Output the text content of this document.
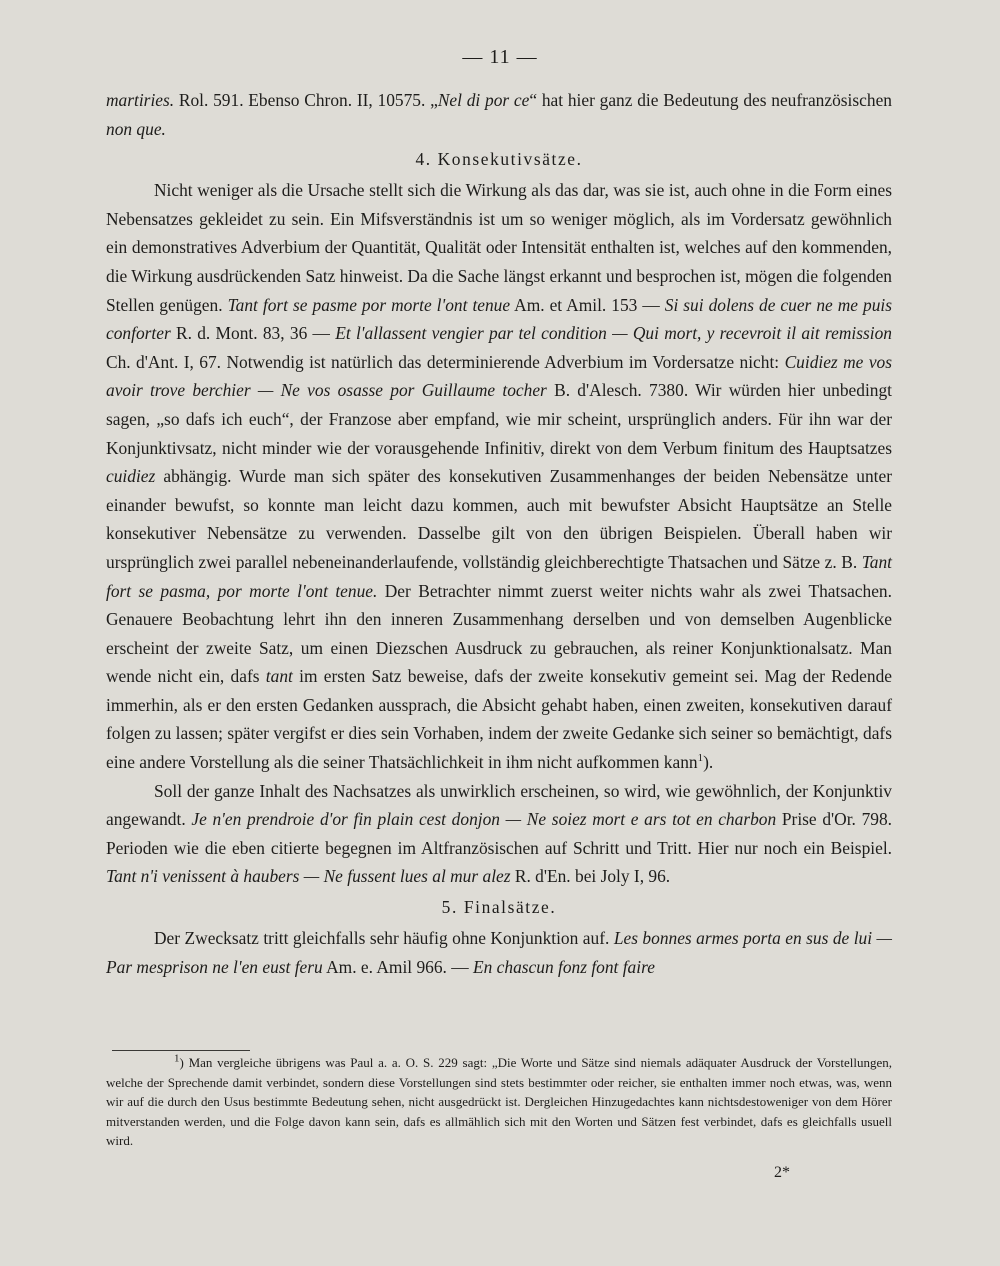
— 11 —

martiries. Rol. 591. Ebenso Chron. II, 10575. „Nel di por ce“ hat hier ganz die Bedeutung des neufranzösischen non que.

4. Konsekutivsätze.

Nicht weniger als die Ursache stellt sich die Wirkung als das dar, was sie ist, auch ohne in die Form eines Nebensatzes gekleidet zu sein. Ein Mifsverständnis ist um so weniger möglich, als im Vordersatz gewöhnlich ein demonstratives Adverbium der Quantität, Qualität oder Intensität enthalten ist, welches auf den kommenden, die Wirkung ausdrückenden Satz hinweist. Da die Sache längst erkannt und besprochen ist, mögen die folgenden Stellen genügen. Tant fort se pasme por morte l'ont tenue Am. et Amil. 153 — Si sui dolens de cuer ne me puis conforter R. d. Mont. 83, 36 — Et l'allassent vengier par tel condition — Qui mort, y recevroit il ait remission Ch. d'Ant. I, 67. Notwendig ist natürlich das determinierende Adverbium im Vordersatze nicht: Cuidiez me vos avoir trove berchier — Ne vos osasse por Guillaume tocher B. d'Alesch. 7380. Wir würden hier unbedingt sagen, „so dafs ich euch“, der Franzose aber empfand, wie mir scheint, ursprünglich anders. Für ihn war der Konjunktivsatz, nicht minder wie der vorausgehende Infinitiv, direkt von dem Verbum finitum des Hauptsatzes cuidiez abhängig. Wurde man sich später des konsekutiven Zusammenhanges der beiden Nebensätze unter einander bewufst, so konnte man leicht dazu kommen, auch mit bewufster Absicht Hauptsätze an Stelle konsekutiver Nebensätze zu verwenden. Dasselbe gilt von den übrigen Beispielen. Überall haben wir ursprünglich zwei parallel nebeneinanderlaufende, vollständig gleichberechtigte Thatsachen und Sätze z. B. Tant fort se pasma, por morte l'ont tenue. Der Betrachter nimmt zuerst weiter nichts wahr als zwei Thatsachen. Genauere Beobachtung lehrt ihn den inneren Zusammenhang derselben und von demselben Augenblicke erscheint der zweite Satz, um einen Diezschen Ausdruck zu gebrauchen, als reiner Konjunktionalsatz. Man wende nicht ein, dafs tant im ersten Satz beweise, dafs der zweite konsekutiv gemeint sei. Mag der Redende immerhin, als er den ersten Gedanken aussprach, die Absicht gehabt haben, einen zweiten, konsekutiven darauf folgen zu lassen; später vergifst er dies sein Vorhaben, indem der zweite Gedanke sich seiner so bemächtigt, dafs eine andere Vorstellung als die seiner Thatsächlichkeit in ihm nicht aufkommen kann$^1$).

Soll der ganze Inhalt des Nachsatzes als unwirklich erscheinen, so wird, wie gewöhnlich, der Konjunktiv angewandt. Je n'en prendroie d'or fin plain cest donjon — Ne soiez mort e ars tot en charbon Prise d'Or. 798. Perioden wie die eben citierte begegnen im Altfranzösischen auf Schritt und Tritt. Hier nur noch ein Beispiel. Tant n'i venissent à haubers — Ne fussent lues al mur alez R. d'En. bei Joly I, 96.

5. Finalsätze.

Der Zwecksatz tritt gleichfalls sehr häufig ohne Konjunktion auf. Les bonnes armes porta en sus de lui — Par mesprison ne l'en eust feru Am. e. Amil 966. — En chascun fonz font faire

$^1$) Man vergleiche übrigens was Paul a. a. O. S. 229 sagt: „Die Worte und Sätze sind niemals adäquater Ausdruck der Vorstellungen, welche der Sprechende damit verbindet, sondern diese Vorstellungen sind stets bestimmter oder reicher, sie enthalten immer noch etwas, was, wenn wir auf die durch den Usus bestimmte Bedeutung sehen, nicht ausgedrückt ist. Dergleichen Hinzugedachtes kann nichtsdestoweniger von dem Hörer mitverstanden werden, und die Folge davon kann sein, dafs es allmählich sich mit den Worten und Sätzen fest verbindet, dafs es gleichfalls usuell wird.

2*
